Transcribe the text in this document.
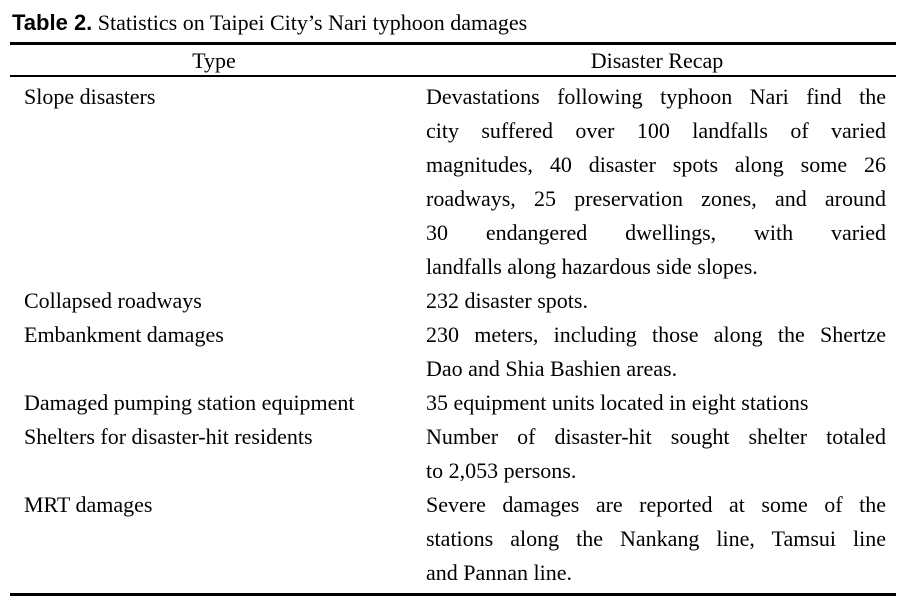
Table 2. Statistics on Taipei City’s Nari typhoon damages
Type	Disaster Recap
Slope disasters	Devastations following typhoon Nari find the
city suffered over 100 landfalls of varied
magnitudes, 40 disaster spots along some 26
roadways, 25 preservation zones, and around
30 endangered dwellings, with varied
landfalls along hazardous side slopes.
Collapsed roadways	232 disaster spots.
Embankment damages	230 meters, including those along the Shertze
Dao and Shia Bashien areas.
Damaged pumping station equipment	35 equipment units located in eight stations
Shelters for disaster-hit residents	Number of disaster-hit sought shelter totaled
to 2,053 persons.
MRT damages	Severe damages are reported at some of the
stations along the Nankang line, Tamsui line
and Pannan line.
